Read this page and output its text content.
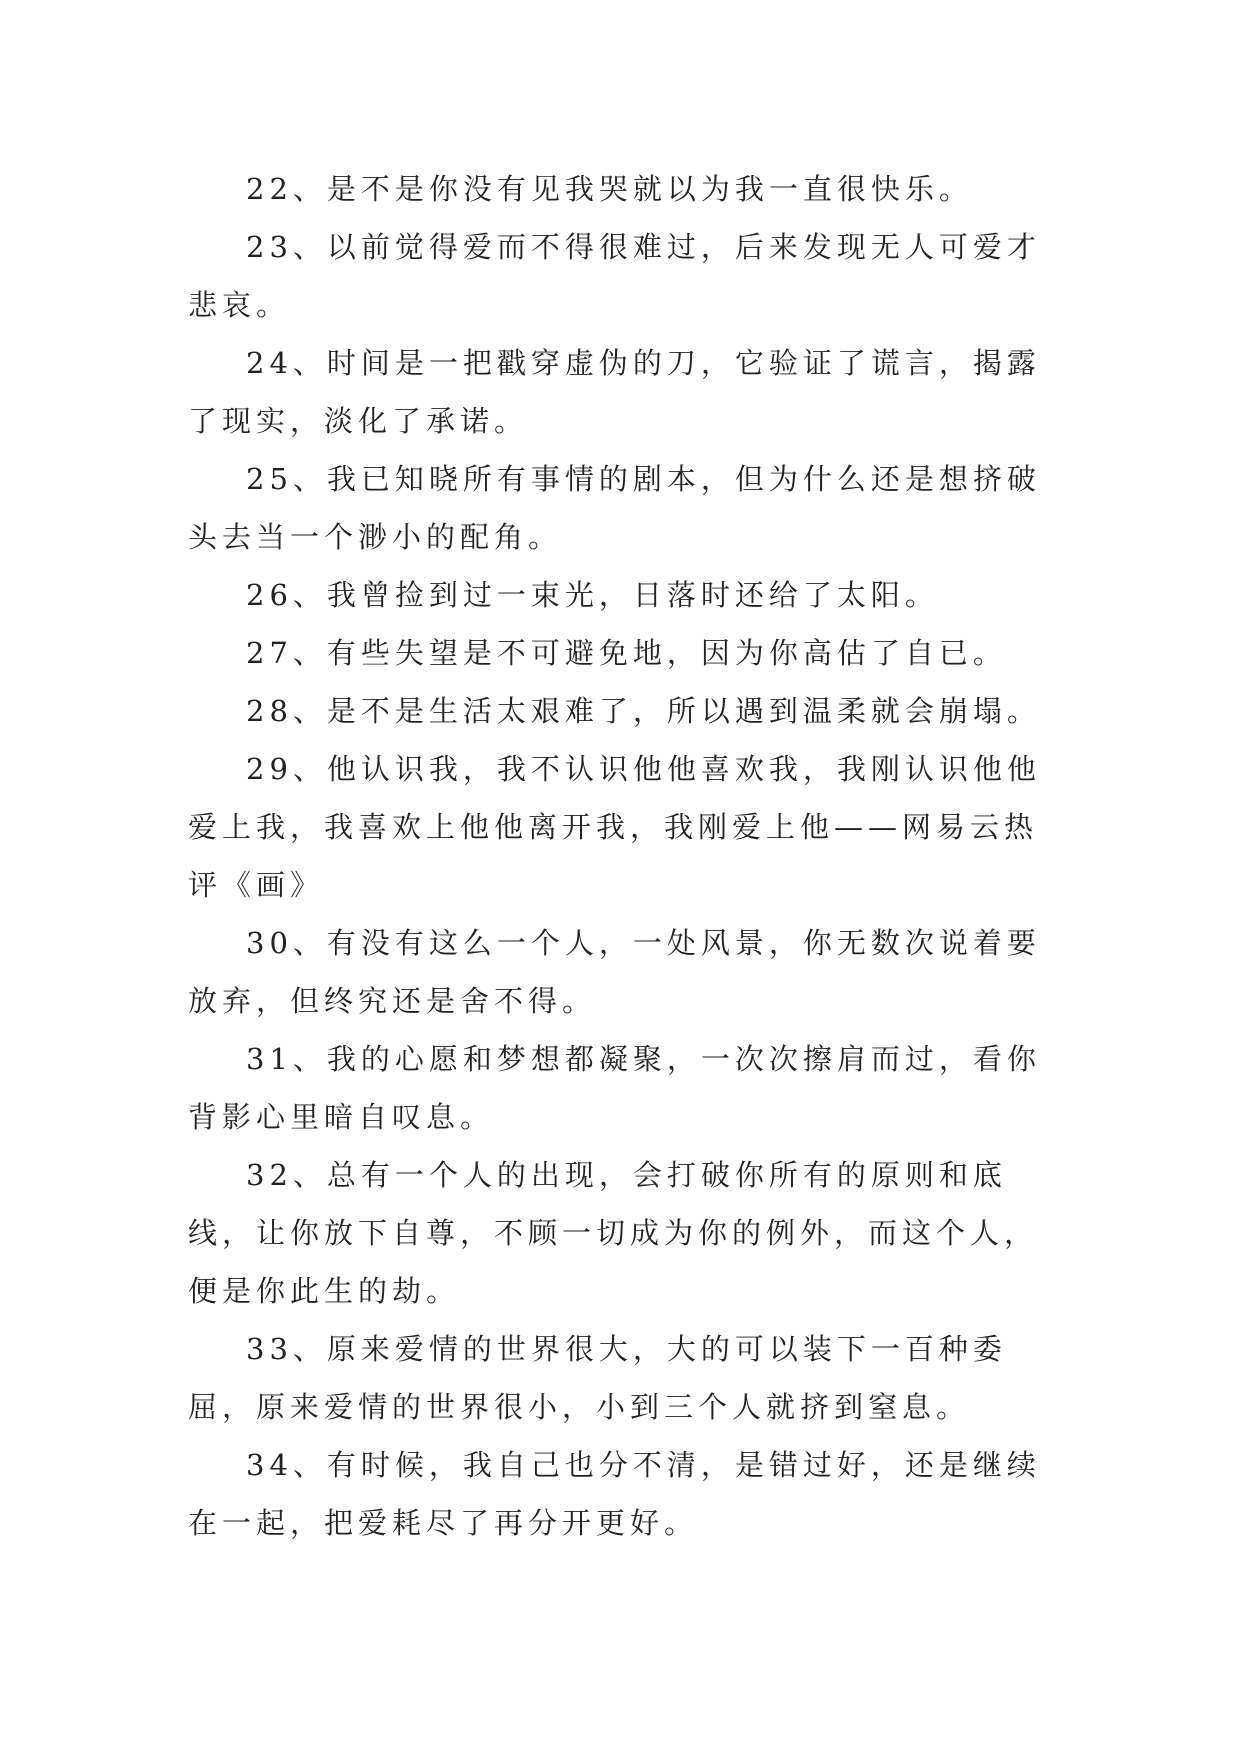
22、是不是你没有见我哭就以为我一直很快乐。

23、以前觉得爱而不得很难过，后来发现无人可爱才悲哀。

24、时间是一把戳穿虚伪的刀，它验证了谎言，揭露了现实，淡化了承诺。

25、我已知晓所有事情的剧本，但为什么还是想挤破头去当一个渺小的配角。

26、我曾捡到过一束光，日落时还给了太阳。

27、有些失望是不可避免地，因为你高估了自已。

28、是不是生活太艰难了，所以遇到温柔就会崩塌。

29、他认识我，我不认识他他喜欢我，我刚认识他他爱上我，我喜欢上他他离开我，我刚爱上他——网易云热评《画》

30、有没有这么一个人，一处风景，你无数次说着要放弃，但终究还是舍不得。

31、我的心愿和梦想都凝聚，一次次擦肩而过，看你背影心里暗自叹息。

32、总有一个人的出现，会打破你所有的原则和底线，让你放下自尊，不顾一切成为你的例外，而这个人，便是你此生的劫。

33、原来爱情的世界很大，大的可以装下一百种委屈，原来爱情的世界很小，小到三个人就挤到窒息。

34、有时候，我自己也分不清，是错过好，还是继续在一起，把爱耗尽了再分开更好。
